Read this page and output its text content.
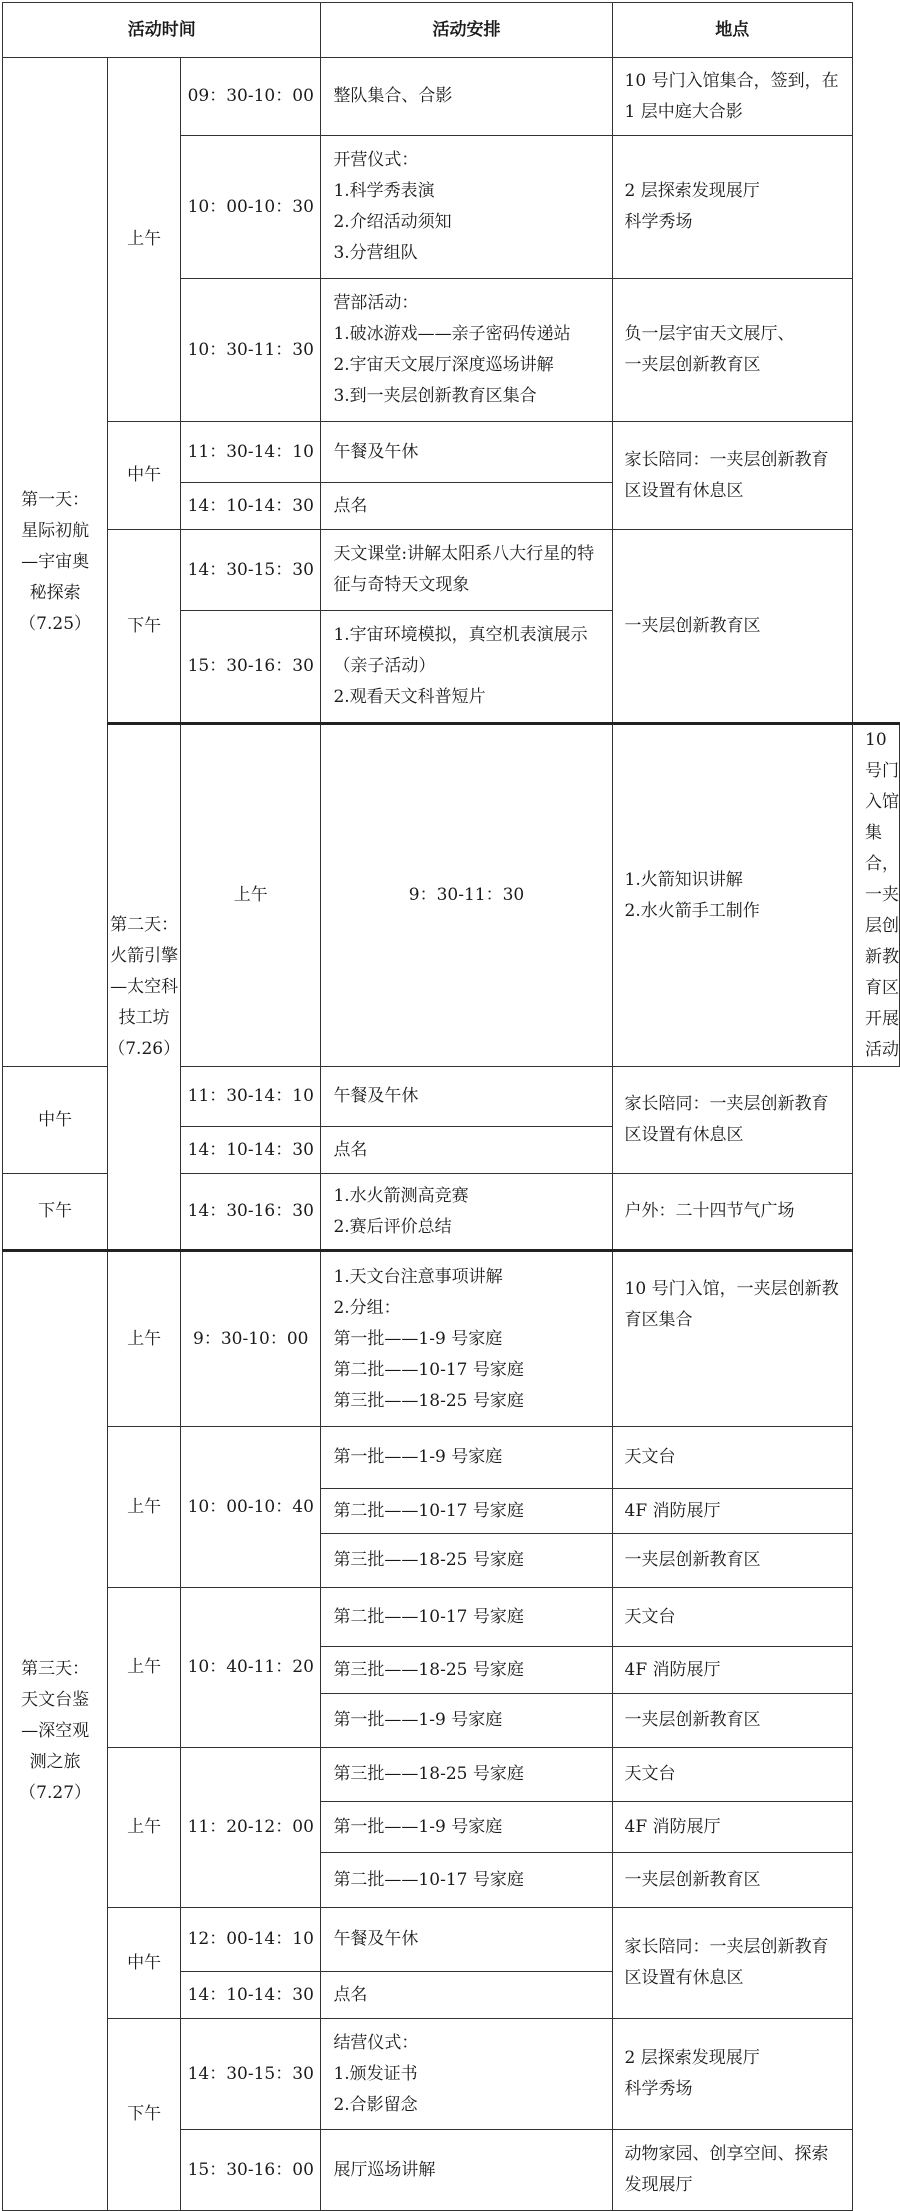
活动时间			活动安排	地点	
第一天：
星际初航
—宇宙奥
秘探索
（7.25）	上午	09：30-10：00	整队集合、合影	10 号门入馆集合，签到，在
1 层中庭大合影	
		10：00-10：30	开营仪式：
1.科学秀表演
2.介绍活动须知
3.分营组队	2 层探索发现展厅
科学秀场	
		10：30-11：30	营部活动：
1.破冰游戏——亲子密码传递站
2.宇宙天文展厅深度巡场讲解
3.到一夹层创新教育区集合	负一层宇宙天文展厅、
一夹层创新教育区	
	中午	11：30-14：10	午餐及午休	家长陪同：一夹层创新教育
区设置有休息区	
		14：10-14：30	点名		
	下午	14：30-15：30	天文课堂:讲解太阳系八大行星的特
征与奇特天文现象	一夹层创新教育区	
		15：30-16：30	1.宇宙环境模拟，真空机表演展示
（亲子活动）
2.观看天文科普短片		
	第二天：
火箭引擎
—太空科
技工坊
（7.26）	上午	9：30-11：30	1.火箭知识讲解
2.水火箭手工制作	10 号门入馆集合，
一夹层创新教育区开展活动
中午		11：30-14：10	午餐及午休	家长陪同：一夹层创新教育
区设置有休息区	
		14：10-14：30	点名		
下午		14：30-16：30	1.水火箭测高竞赛
2.赛后评价总结	户外：二十四节气广场	
第三天：
天文台鉴
—深空观
测之旅
（7.27）	上午	9：30-10：00	1.天文台注意事项讲解
2.分组：
第一批——1-9 号家庭
第二批——10-17 号家庭
第三批——18-25 号家庭	10 号门入馆，一夹层创新教
育区集合	
	上午	10：00-10：40	第一批——1-9 号家庭	天文台	
			第二批——10-17 号家庭	4F 消防展厅	
			第三批——18-25 号家庭	一夹层创新教育区	
	上午	10：40-11：20	第二批——10-17 号家庭	天文台	
			第三批——18-25 号家庭	4F 消防展厅	
			第一批——1-9 号家庭	一夹层创新教育区	
	上午	11：20-12：00	第三批——18-25 号家庭	天文台	
			第一批——1-9 号家庭	4F 消防展厅	
			第二批——10-17 号家庭	一夹层创新教育区	
	中午	12：00-14：10	午餐及午休	家长陪同：一夹层创新教育
区设置有休息区	
		14：10-14：30	点名		
	下午	14：30-15：30	结营仪式：
1.颁发证书
2.合影留念	2 层探索发现展厅
科学秀场	
		15：30-16：00	展厅巡场讲解	动物家园、创享空间、探索
发现展厅	
